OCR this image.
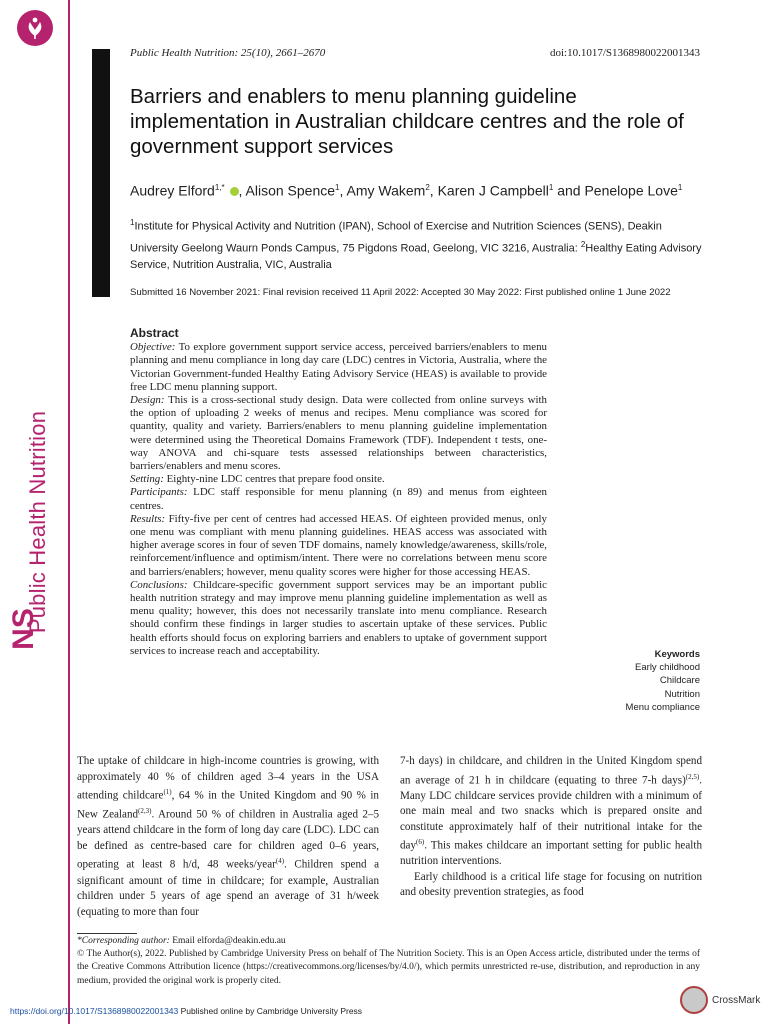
Public Health Nutrition
NS
Public Health Nutrition: 25(10), 2661–2670	doi:10.1017/S1368980022001343
Barriers and enablers to menu planning guideline implementation in Australian childcare centres and the role of government support services
Audrey Elford$^{1,*}$ , Alison Spence$^1$, Amy Wakem$^2$, Karen J Campbell$^1$ and Penelope Love$^1$
$^1$Institute for Physical Activity and Nutrition (IPAN), School of Exercise and Nutrition Sciences (SENS), Deakin University Geelong Waurn Ponds Campus, 75 Pigdons Road, Geelong, VIC 3216, Australia: $^2$Healthy Eating Advisory Service, Nutrition Australia, VIC, Australia
Submitted 16 November 2021: Final revision received 11 April 2022: Accepted 30 May 2022: First published online 1 June 2022
Abstract

Objective: To explore government support service access, perceived barriers/enablers to menu planning and menu compliance in long day care (LDC) centres in Victoria, Australia, where the Victorian Government-funded Healthy Eating Advisory Service (HEAS) is available to provide free LDC menu planning support.

Design: This is a cross-sectional study design. Data were collected from online surveys with the option of uploading 2 weeks of menus and recipes. Menu compliance was scored for quantity, quality and variety. Barriers/enablers to menu planning guideline implementation were determined using the Theoretical Domains Framework (TDF). Independent t tests, one-way ANOVA and chi-square tests assessed relationships between characteristics, barriers/enablers and menu scores.

Setting: Eighty-nine LDC centres that prepare food onsite.

Participants: LDC staff responsible for menu planning (n 89) and menus from eighteen centres.

Results: Fifty-five per cent of centres had accessed HEAS. Of eighteen provided menus, only one menu was compliant with menu planning guidelines. HEAS access was associated with higher average scores in four of seven TDF domains, namely knowledge/awareness, skills/role, reinforcement/influence and optimism/intent. There were no correlations between menu score and barriers/enablers; however, menu quality scores were higher for those accessing HEAS.

Conclusions: Childcare-specific government support services may be an important public health nutrition strategy and may improve menu planning guideline implementation as well as menu quality; however, this does not necessarily translate into menu compliance. Research should confirm these findings in larger studies to ascertain uptake of these services. Public health efforts should focus on exploring barriers and enablers to uptake of government support services to increase reach and acceptability.	Keywords
Early childhood
Childcare
Nutrition
Menu compliance

The uptake of childcare in high-income countries is growing, with approximately 40 % of children aged 3–4 years in the USA attending childcare$^{(1)}$, 64 % in the United Kingdom and 90 % in New Zealand$^{(2,3)}$. Around 50 % of children in Australia aged 2–5 years attend childcare in the form of long day care (LDC). LDC can be defined as centre-based care for children aged 0–6 years, operating at least 8 h/d, 48 weeks/year$^{(4)}$. Children spend a significant amount of time in childcare; for example, Australian children under 5 years of age spend an average of 31 h/week (equating to more than four

7-h days) in childcare, and children in the United Kingdom spend an average of 21 h in childcare (equating to three 7-h days)$^{(2,5)}$. Many LDC childcare services provide children with a minimum of one main meal and two snacks which is prepared onsite and constitute approximately half of their nutritional intake for the day$^{(6)}$. This makes childcare an important setting for public health nutrition interventions.

Early childhood is a critical life stage for focusing on nutrition and obesity prevention strategies, as food

*Corresponding author: Email elforda@deakin.edu.au

© The Author(s), 2022. Published by Cambridge University Press on behalf of The Nutrition Society. This is an Open Access article, distributed under the terms of the Creative Commons Attribution licence (https://creativecommons.org/licenses/by/4.0/), which permits unrestricted re-use, distribution, and reproduction in any medium, provided the original work is properly cited.

https://doi.org/10.1017/S1368980022001343 Published online by Cambridge University Press
CrossMark
